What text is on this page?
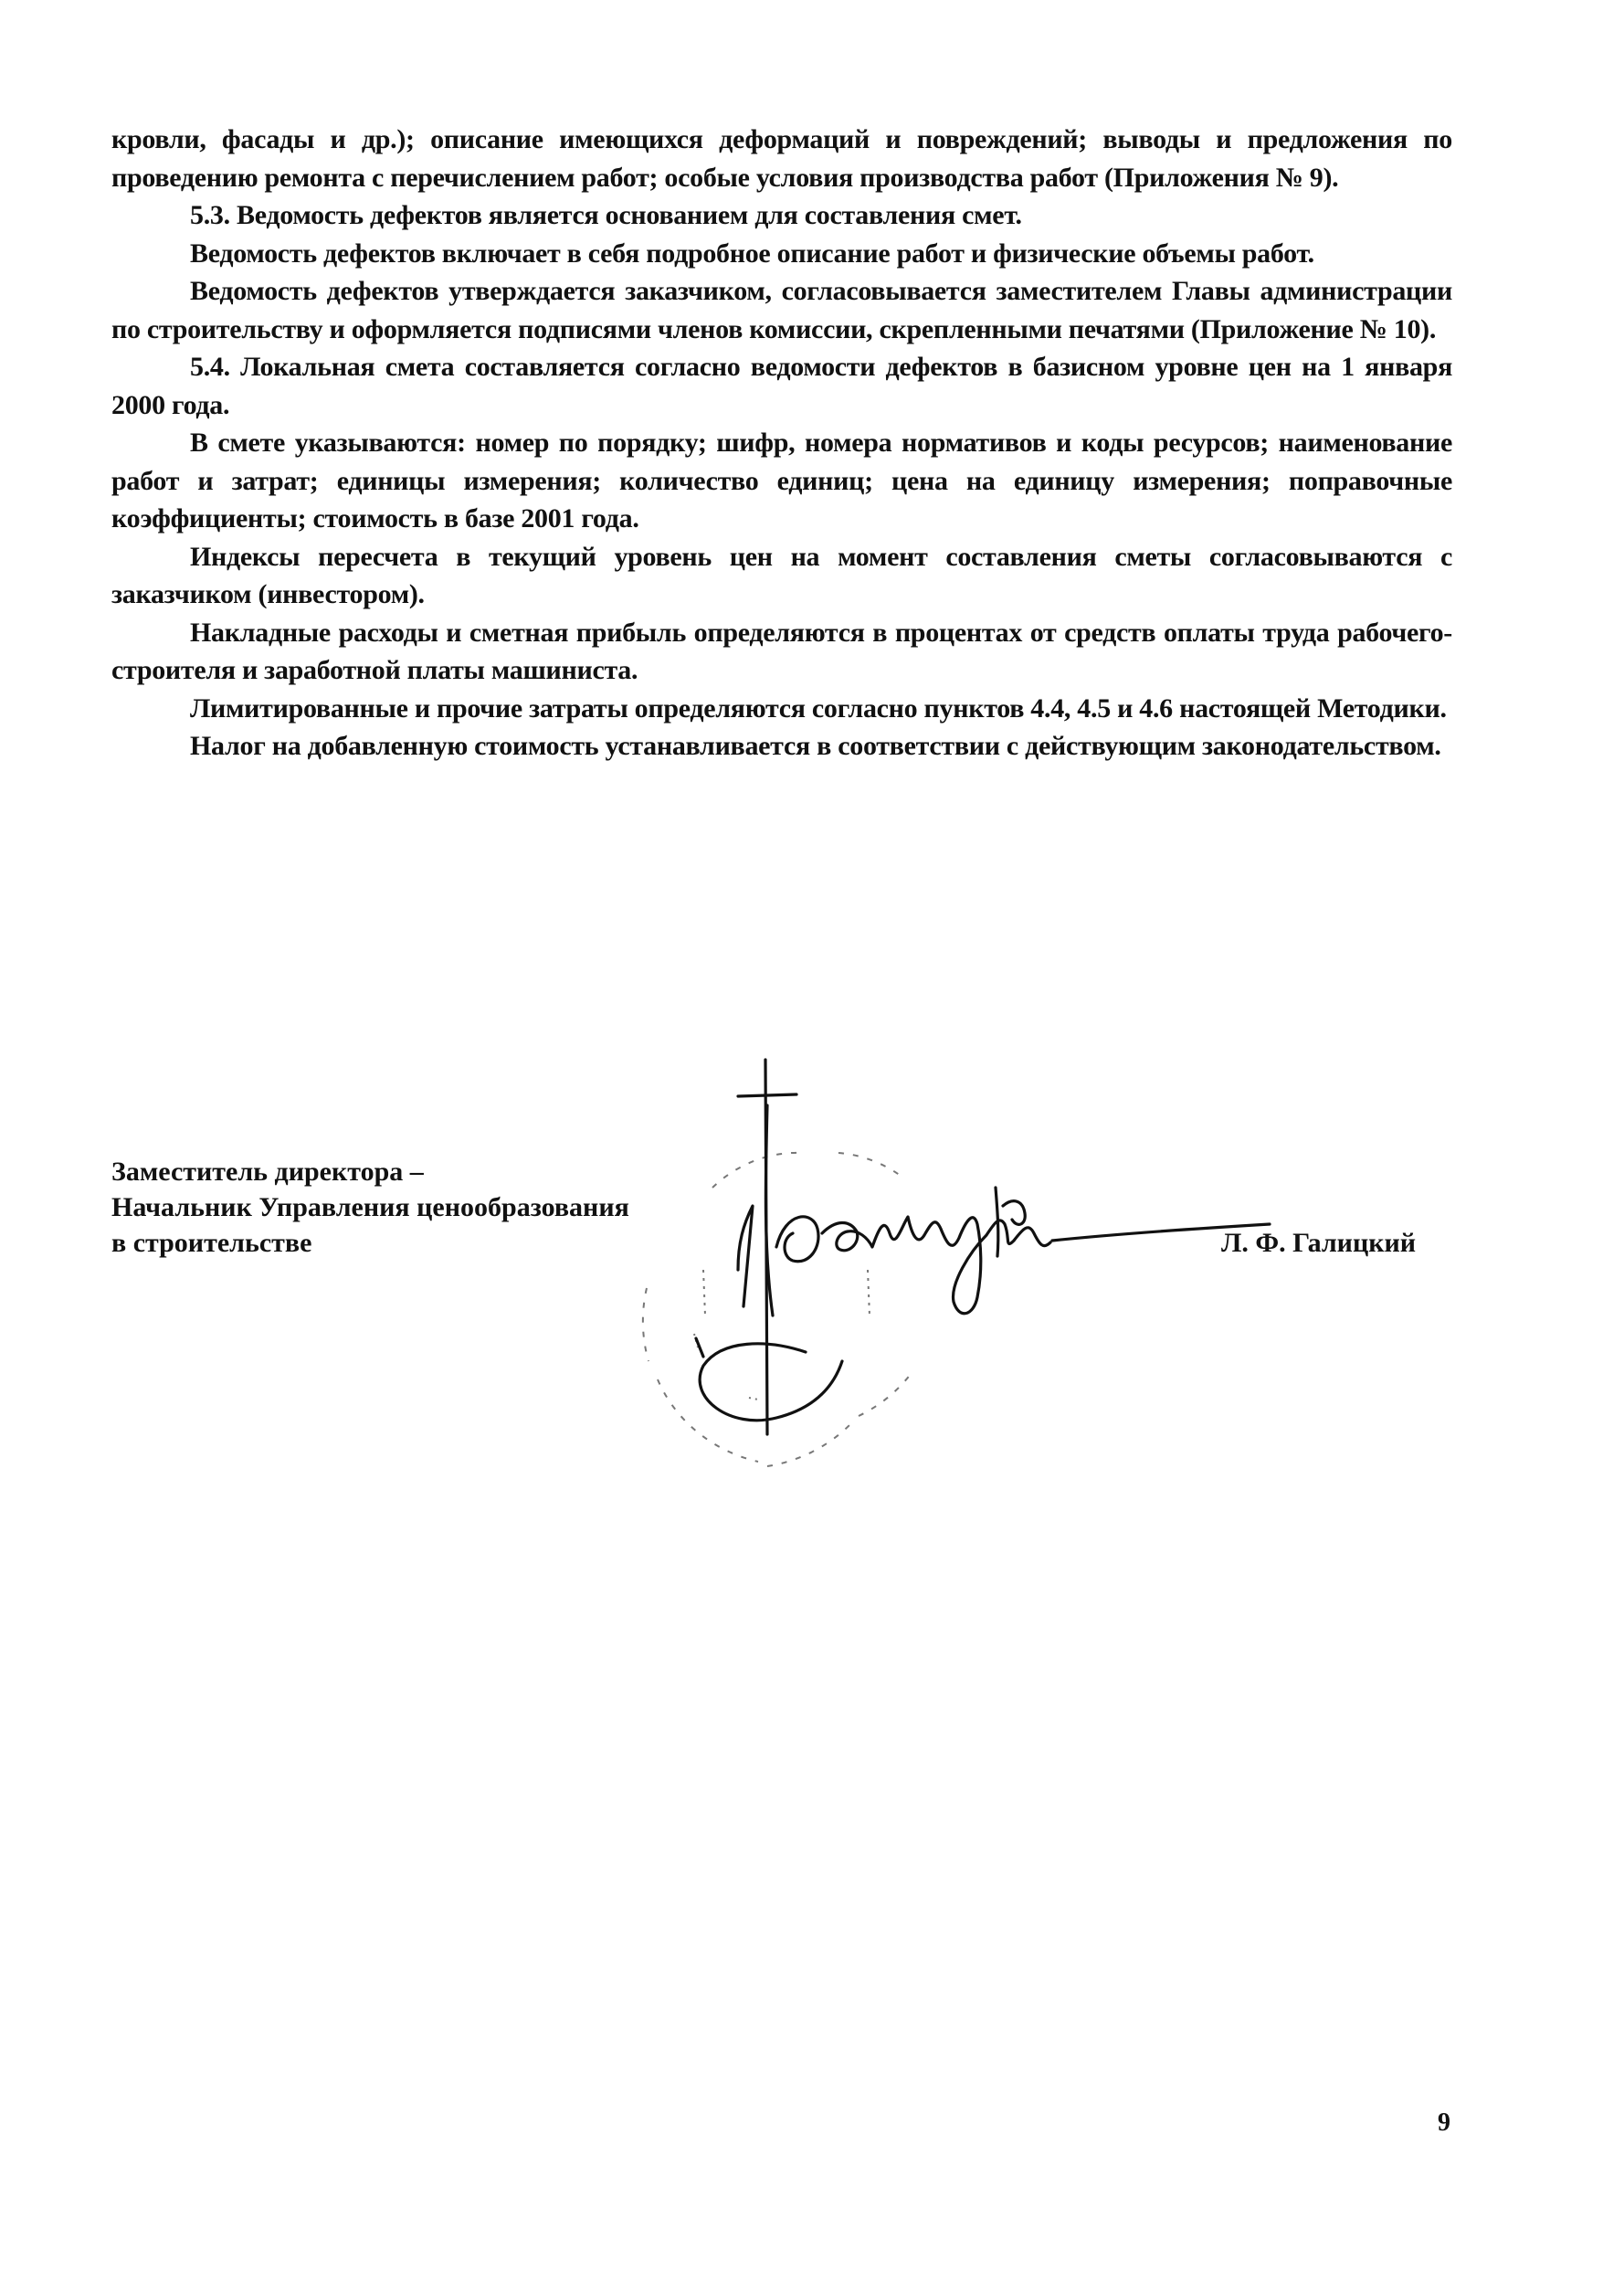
кровли, фасады и др.); описание имеющихся деформаций и повреждений; выводы и предложения по проведению ремонта с перечислением работ; особые условия производства работ (Приложения № 9).

5.3. Ведомость дефектов является основанием для составления смет.

Ведомость дефектов включает в себя подробное описание работ и физические объемы работ.

Ведомость дефектов утверждается заказчиком, согласовывается заместителем Главы администрации по строительству и оформляется подписями членов комиссии, скрепленными печатями (Приложение № 10).

5.4. Локальная смета составляется согласно ведомости дефектов в базисном уровне цен на 1 января 2000 года.

В смете указываются: номер по порядку; шифр, номера нормативов и коды ресурсов; наименование работ и затрат; единицы измерения; количество единиц; цена на единицу измерения; поправочные коэффициенты; стоимость в базе 2001 года.

Индексы пересчета в текущий уровень цен на момент составления сметы согласовываются с заказчиком (инвестором).

Накладные расходы и сметная прибыль определяются в процентах от средств оплаты труда рабочего-строителя и заработной платы машиниста.

Лимитированные и прочие затраты определяются согласно пунктов 4.4, 4.5 и 4.6 настоящей Методики.

Налог на добавленную стоимость устанавливается в соответствии с действующим законодательством.

Заместитель директора –
Начальник Управления ценообразования
в строительстве	Л. Ф. Галицкий
9
